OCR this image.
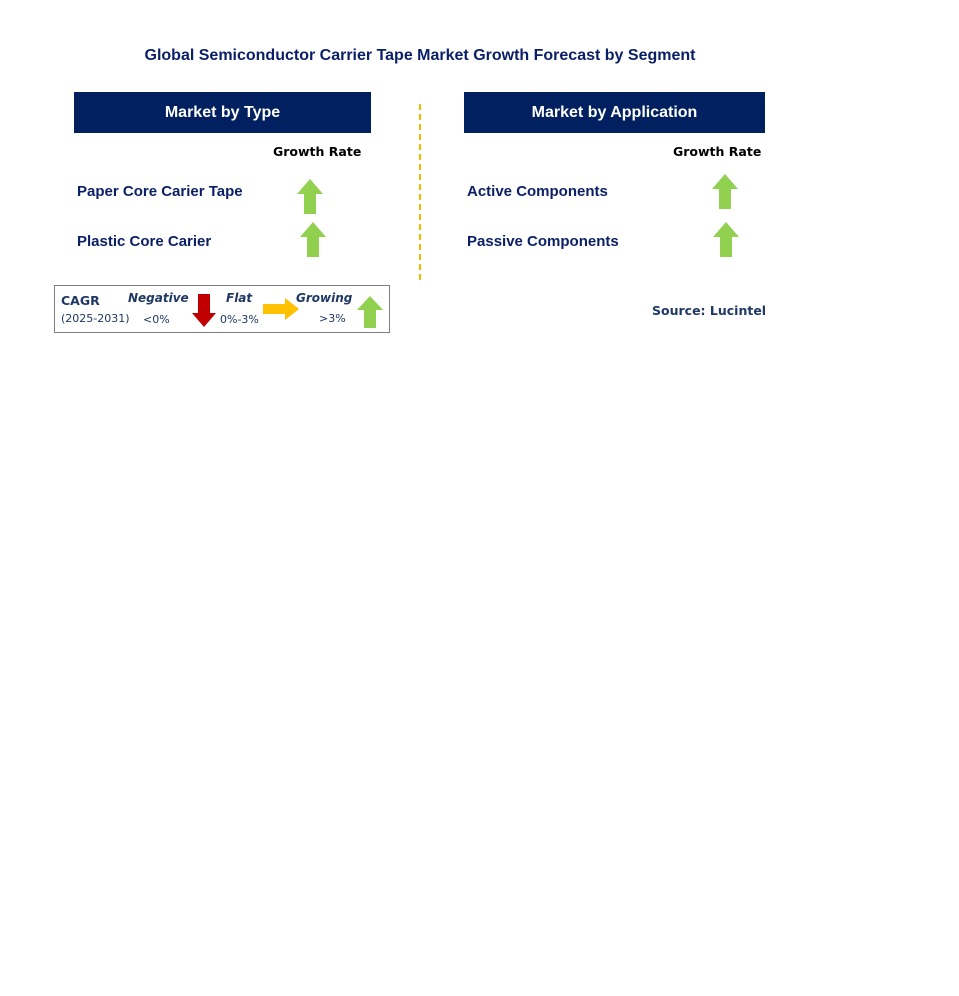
Global Semiconductor Carrier Tape Market Growth Forecast by Segment
Market by Type
Growth Rate
Paper Core Carier Tape
Plastic Core Carier
Market by Application
Growth Rate
Active Components
Passive Components
CAGR
(2025-2031)
Negative
<0%
Flat
0%-3%
Growing
>3%
Source: Lucintel
